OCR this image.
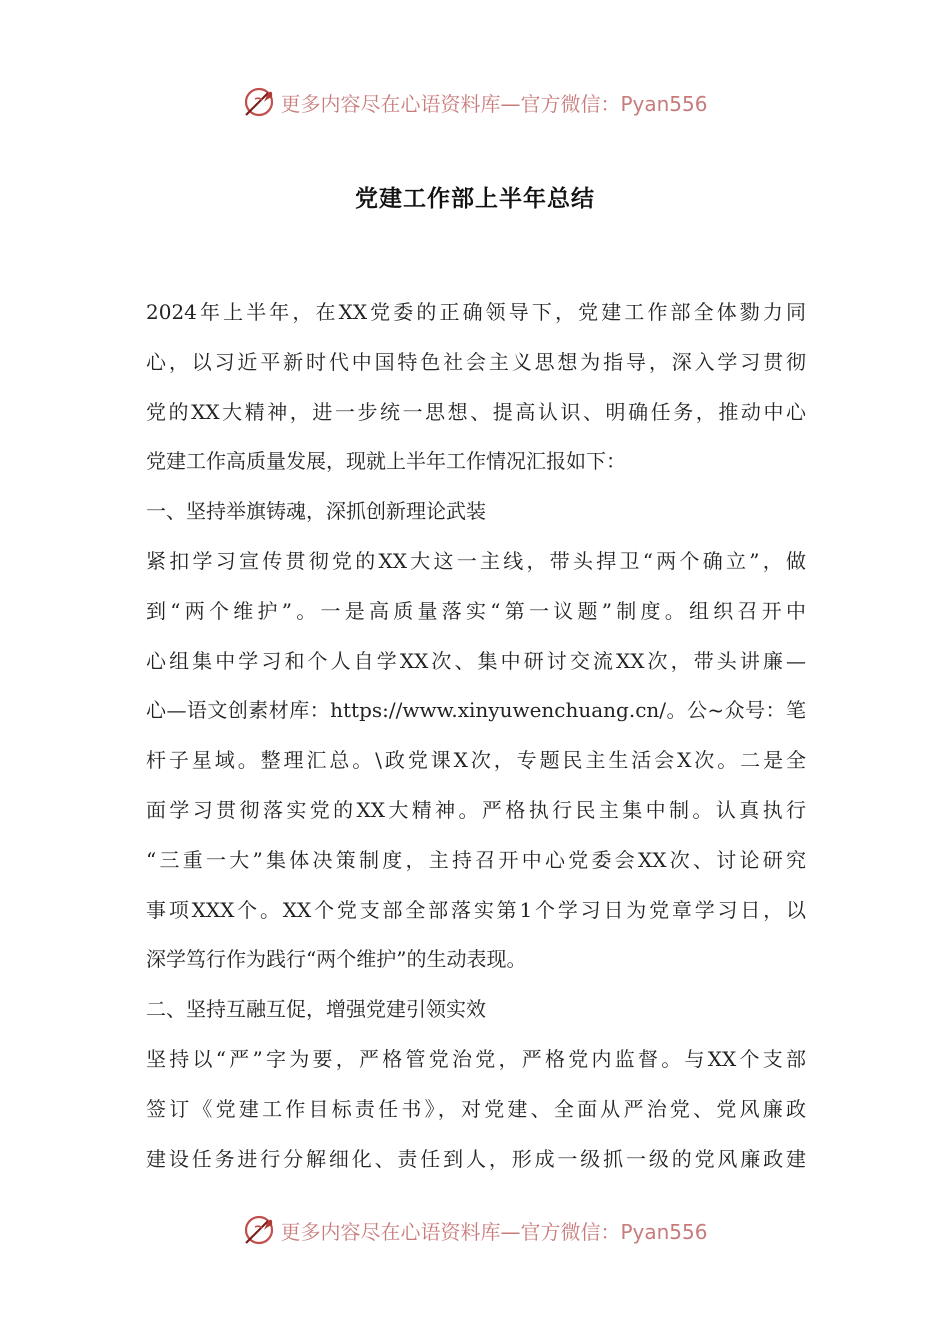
更多内容尽在心语资料库—官方微信：Pyan556
党建工作部上半年总结
2024年上半年，在XX党委的正确领导下，党建工作部全体勠力同
心，以习近平新时代中国特色社会主义思想为指导，深入学习贯彻
党的XX大精神，进一步统一思想、提高认识、明确任务，推动中心
党建工作高质量发展，现就上半年工作情况汇报如下：
一、坚持举旗铸魂，深抓创新理论武装
紧扣学习宣传贯彻党的XX大这一主线，带头捍卫“两个确立”，做
到“两个维护”。一是高质量落实“第一议题”制度。组织召开中
心组集中学习和个人自学XX次、集中研讨交流XX次，带头讲廉—
心—语文创素材库：https://www.xinyuwenchuang.cn/。公~众号：笔
杆子星域。整理汇总。\政党课X次，专题民主生活会X次。二是全
面学习贯彻落实党的XX大精神。严格执行民主集中制。认真执行
“三重一大”集体决策制度，主持召开中心党委会XX次、讨论研究
事项XXX个。XX个党支部全部落实第1个学习日为党章学习日，以
深学笃行作为践行“两个维护”的生动表现。
二、坚持互融互促，增强党建引领实效
坚持以“严”字为要，严格管党治党，严格党内监督。与XX个支部
签订《党建工作目标责任书》，对党建、全面从严治党、党风廉政
建设任务进行分解细化、责任到人，形成一级抓一级的党风廉政建
更多内容尽在心语资料库—官方微信：Pyan556
